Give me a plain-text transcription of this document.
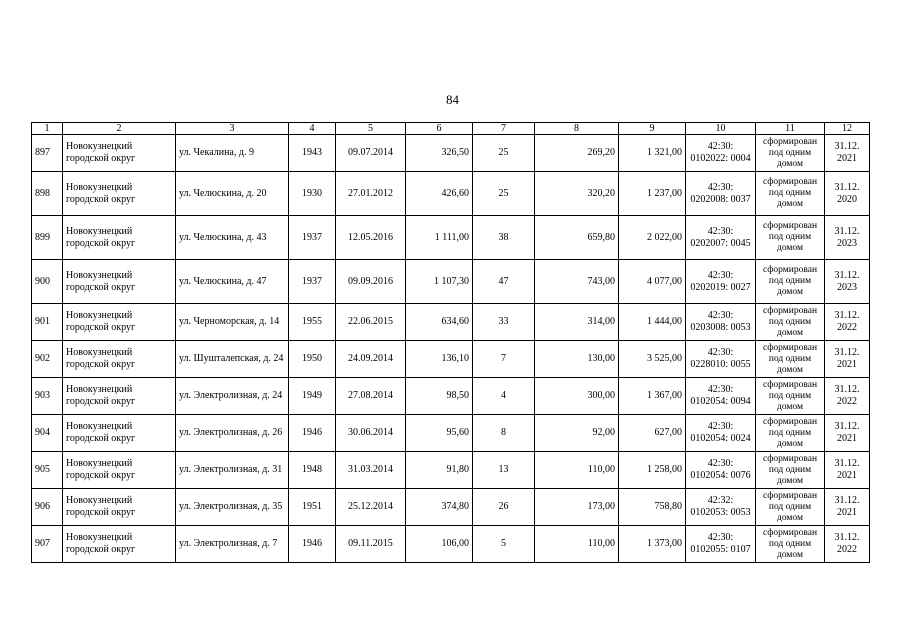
84
1	2	3	4	5	6	7	8	9	10	11	12
897	Новокузнецкий городской округ	ул. Чекалина, д. 9	1943	09.07.2014	326,50	25	269,20	1 321,00	42:30: 0102022: 0004	сформирован под одним домом	31.12. 2021
898	Новокузнецкий городской округ	ул. Челюскина, д. 20	1930	27.01.2012	426,60	25	320,20	1 237,00	42:30: 0202008: 0037	сформирован под одним домом	31.12. 2020
899	Новокузнецкий городской округ	ул. Челюскина, д. 43	1937	12.05.2016	1 111,00	38	659,80	2 022,00	42:30: 0202007: 0045	сформирован под одним домом	31.12. 2023
900	Новокузнецкий городской округ	ул. Челюскина, д. 47	1937	09.09.2016	1 107,30	47	743,00	4 077,00	42:30: 0202019: 0027	сформирован под одним домом	31.12. 2023
901	Новокузнецкий городской округ	ул. Черноморская, д. 14	1955	22.06.2015	634,60	33	314,00	1 444,00	42:30: 0203008: 0053	сформирован под одним домом	31.12. 2022
902	Новокузнецкий городской округ	ул. Шушталепская, д. 24	1950	24.09.2014	136,10	7	130,00	3 525,00	42:30: 0228010: 0055	сформирован под одним домом	31.12. 2021
903	Новокузнецкий городской округ	ул. Электролизная, д. 24	1949	27.08.2014	98,50	4	300,00	1 367,00	42:30: 0102054: 0094	сформирован под одним домом	31.12. 2022
904	Новокузнецкий городской округ	ул. Электролизная, д. 26	1946	30.06.2014	95,60	8	92,00	627,00	42:30: 0102054: 0024	сформирован под одним домом	31.12. 2021
905	Новокузнецкий городской округ	ул. Электролизная, д. 31	1948	31.03.2014	91,80	13	110,00	1 258,00	42:30: 0102054: 0076	сформирован под одним домом	31.12. 2021
906	Новокузнецкий городской округ	ул. Электролизная, д. 35	1951	25.12.2014	374,80	26	173,00	758,80	42:32: 0102053: 0053	сформирован под одним домом	31.12. 2021
907	Новокузнецкий городской округ	ул. Электролизная, д. 7	1946	09.11.2015	106,00	5	110,00	1 373,00	42:30: 0102055: 0107	сформирован под одним домом	31.12. 2022
